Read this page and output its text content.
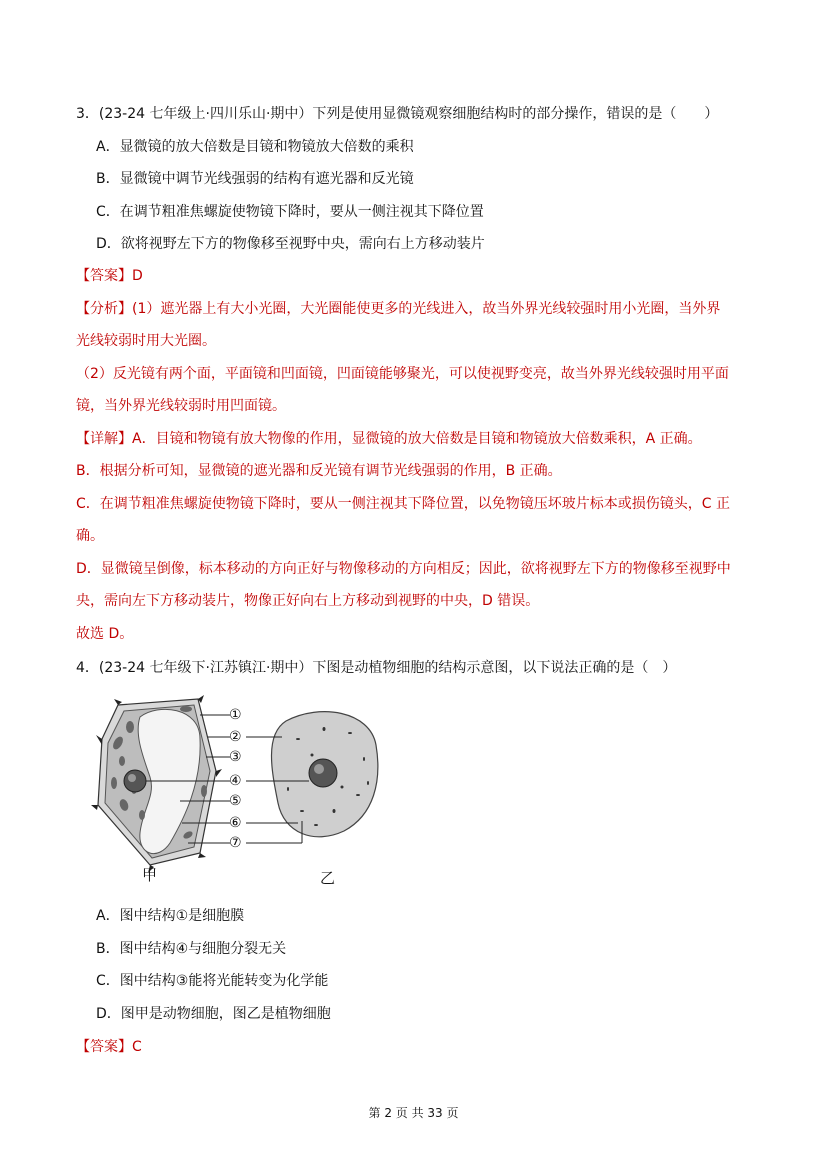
3．(23-24 七年级上·四川乐山·期中）下列是使用显微镜观察细胞结构时的部分操作，错误的是（　　）
A．显微镜的放大倍数是目镜和物镜放大倍数的乘积
B．显微镜中调节光线强弱的结构有遮光器和反光镜
C．在调节粗准焦螺旋使物镜下降时，要从一侧注视其下降位置
D．欲将视野左下方的物像移至视野中央，需向右上方移动装片
【答案】D
【分析】(1）遮光器上有大小光圈，大光圈能使更多的光线进入，故当外界光线较强时用小光圈，当外界
光线较弱时用大光圈。
（2）反光镜有两个面，平面镜和凹面镜，凹面镜能够聚光，可以使视野变亮，故当外界光线较强时用平面
镜，当外界光线较弱时用凹面镜。
【详解】A．目镜和物镜有放大物像的作用，显微镜的放大倍数是目镜和物镜放大倍数乘积，A 正确。
B．根据分析可知，显微镜的遮光器和反光镜有调节光线强弱的作用，B 正确。
C．在调节粗准焦螺旋使物镜下降时，要从一侧注视其下降位置，以免物镜压坏玻片标本或损伤镜头，C 正
确。
D．显微镜呈倒像，标本移动的方向正好与物像移动的方向相反；因此，欲将视野左下方的物像移至视野中
央，需向左下方移动装片，物像正好向右上方移动到视野的中央，D 错误。
故选 D。
4．(23-24 七年级下·江苏镇江·期中）下图是动植物细胞的结构示意图，以下说法正确的是（　）
①
②
③
④
⑤
⑥
⑦
甲	乙
A．图中结构①是细胞膜
B．图中结构④与细胞分裂无关
C．图中结构③能将光能转变为化学能
D．图甲是动物细胞，图乙是植物细胞
【答案】C
第 2 页 共 33 页
